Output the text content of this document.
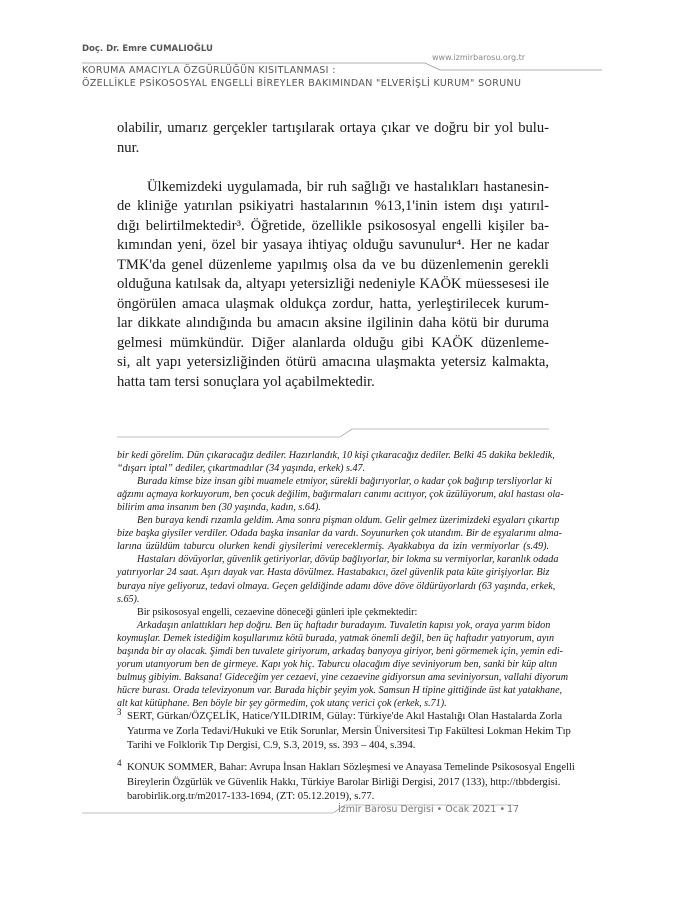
Doç. Dr. Emre CUMALIOĞLU
www.izmirbarosu.org.tr
KORUMA AMACIYLA ÖZGÜRLÜĞÜN KISITLANMASI :
ÖZELLİKLE PSİKOSOSYAL ENGELLİ BİREYLER BAKIMINDAN "ELVERİŞLİ KURUM" SORUNU
olabilir, umarız gerçekler tartışılarak ortaya çıkar ve doğru bir yol bulu-
nur.
Ülkemizdeki uygulamada, bir ruh sağlığı ve hastalıkları hastanesin-
de kliniğe yatırılan psikiyatri hastalarının %13,1'inin istem dışı yatırıl-
dığı belirtilmektedir³. Öğretide, özellikle psikososyal engelli kişiler ba-
kımından yeni, özel bir yasaya ihtiyaç olduğu savunulur⁴. Her ne kadar
TMK'da genel düzenleme yapılmış olsa da ve bu düzenlemenin gerekli
olduğuna katılsak da, altyapı yetersizliği nedeniyle KAÖK müessesesi ile
öngörülen amaca ulaşmak oldukça zordur, hatta, yerleştirilecek kurum-
lar dikkate alındığında bu amacın aksine ilgilinin daha kötü bir duruma
gelmesi mümkündür. Diğer alanlarda olduğu gibi KAÖK düzenleme-
si, alt yapı yetersizliğinden ötürü amacına ulaşmakta yetersiz kalmakta,
hatta tam tersi sonuçlara yol açabilmektedir.
bir kedi görelim. Dün çıkaracağız dediler. Hazırlandık, 10 kişi çıkaracağız dediler. Belki 45 dakika bekledik,
“dışarı iptal” dediler, çıkartmadılar (34 yaşında, erkek) s.47.
Burada kimse bize insan gibi muamele etmiyor, sürekli bağırıyorlar, o kadar çok bağırıp tersliyorlar ki
ağzımı açmaya korkuyorum, ben çocuk değilim, bağırmaları canımı acıtıyor, çok üzülüyorum, akıl hastası ola-
bilirim ama insanım ben (30 yaşında, kadın, s.64).
Ben buraya kendi rızamla geldim. Ama sonra pişman oldum. Gelir gelmez üzerimizdeki eşyaları çıkartıp
bize başka giysiler verdiler. Odada başka insanlar da vardı. Soyunurken çok utandım. Bir de eşyalarımı alma-
larına üzüldüm taburcu olurken kendi giysilerimi vereceklermiş. Ayakkabıya da izin vermiyorlar (s.49).
Hastaları dövüyorlar, güvenlik getiriyorlar, dövüp bağlıyorlar, bir lokma su vermiyorlar, karanlık odada
yatırıyorlar 24 saat. Aşırı dayak var. Hasta dövülmez. Hastabakıcı, özel güvenlik pata küte girişiyorlar. Biz
buraya niye geliyoruz, tedavi olmaya. Geçen geldiğinde adamı döve döve öldürüyorlardı (63 yaşında, erkek,
s.65).
Bir psikososyal engelli, cezaevine döneceği günleri iple çekmektedir:
Arkadaşın anlattıkları hep doğru. Ben üç haftadır buradayım. Tuvaletin kapısı yok, oraya yarım bidon
koymuşlar. Demek istediğim koşullarımız kötü burada, yatmak önemli değil, ben üç haftadır yatıyorum, ayın
başında bir ay olacak. Şimdi ben tuvalete giriyorum, arkadaş banyoya giriyor, beni görmemek için, yemin edi-
yorum utanıyorum ben de girmeye. Kapı yok hiç. Taburcu olacağım diye seviniyorum ben, sanki bir küp altın
bulmuş gibiyim. Baksana! Gideceğim yer cezaevi, yine cezaevine gidiyorsun ama seviniyorsun, vallahi diyorum
hücre burası. Orada televizyonum var. Burada hiçbir şeyim yok. Samsun H tipine gittiğinde üst kat yatakhane,
alt kat kütüphane. Ben böyle bir şey görmedim, çok utanç verici çok (erkek, s.71).
3 SERT, Gürkan/ÖZÇELİK, Hatice/YILDIRIM, Gülay: Türkiye'de Akıl Hastalığı Olan Hastalarda Zorla
Yatırma ve Zorla Tedavi/Hukuki ve Etik Sorunlar, Mersin Üniversitesi Tıp Fakültesi Lokman Hekim Tıp
Tarihi ve Folklorik Tıp Dergisi, C.9, S.3, 2019, ss. 393 – 404, s.394.
4 KONUK SOMMER, Bahar: Avrupa İnsan Hakları Sözleşmesi ve Anayasa Temelinde Psikososyal Engelli
Bireylerin Özgürlük ve Güvenlik Hakkı, Türkiye Barolar Birliği Dergisi, 2017 (133), http://tbbdergisi.
barobirlik.org.tr/m2017-133-1694, (ZT: 05.12.2019), s.77.
İzmir Barosu Dergisi • Ocak 2021 • 17
